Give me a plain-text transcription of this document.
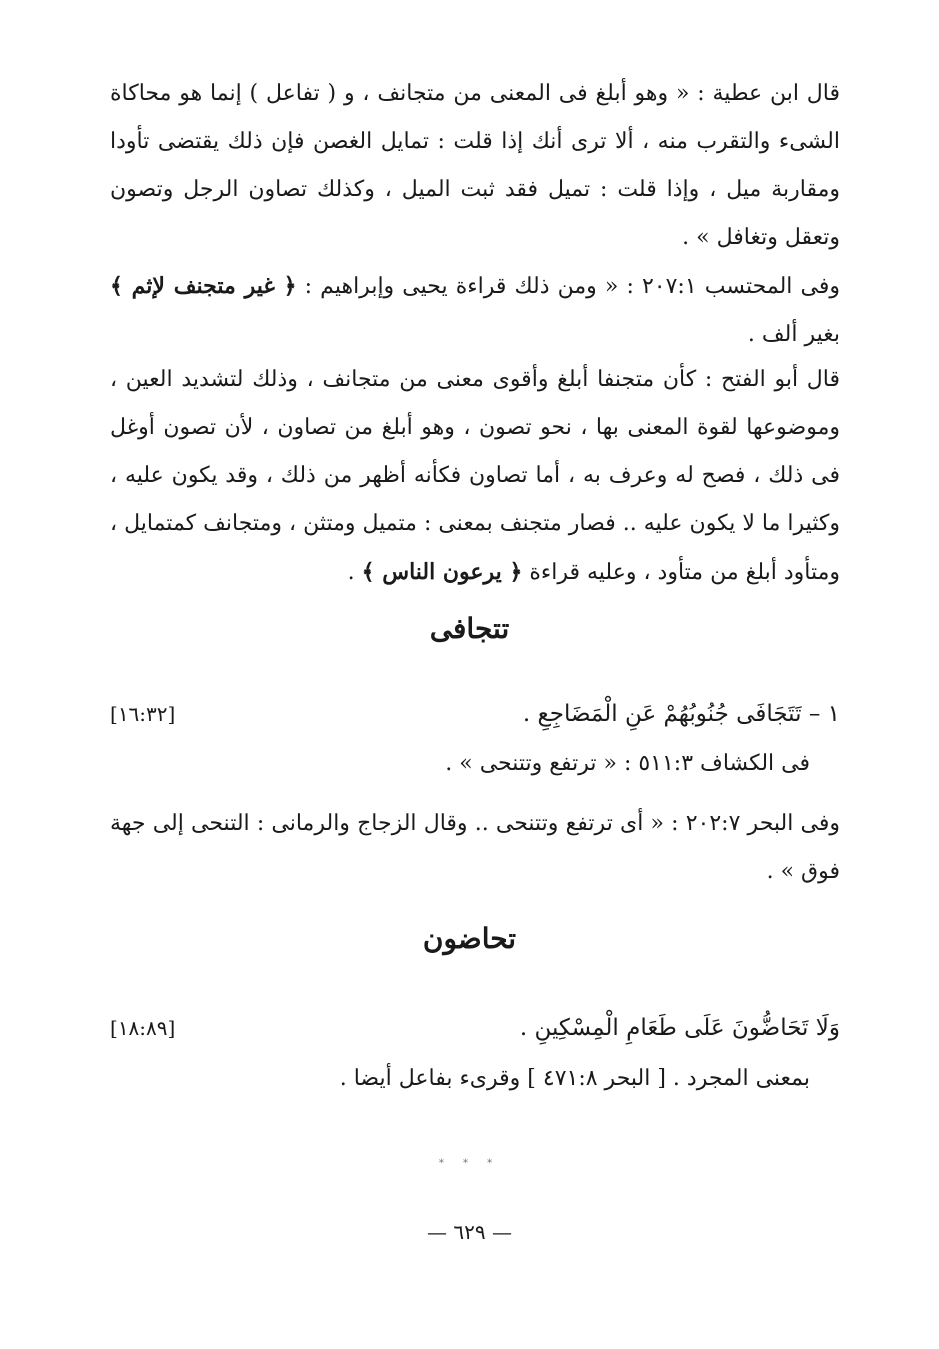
قال ابن عطية : « وهو أبلغ فى المعنى من متجانف ، و ( تفاعل ) إنما هو محاكاة الشىء والتقرب منه ، ألا ترى أنك إذا قلت : تمايل الغصن فإن ذلك يقتضى تأودا ومقاربة ميل ، وإذا قلت : تميل فقد ثبت الميل ، وكذلك تصاون الرجل وتصون وتعقل وتغافل » .
وفى المحتسب ٢٠٧:١ : « ومن ذلك قراءة يحيى وإبراهيم : ﴿ غير متجنف لإثم ﴾ بغير ألف .
قال أبو الفتح : كأن متجنفا أبلغ وأقوى معنى من متجانف ، وذلك لتشديد العين ، وموضوعها لقوة المعنى بها ، نحو تصون ، وهو أبلغ من تصاون ، لأن تصون أوغل فى ذلك ، فصح له وعرف به ، أما تصاون فكأنه أظهر من ذلك ، وقد يكون عليه ، وكثيرا ما لا يكون عليه .. فصار متجنف بمعنى : متميل ومتثن ، ومتجانف كمتمايل ، ومتأود أبلغ من متأود ، وعليه قراءة ﴿ يرعون الناس ﴾ .
تتجافى
١ – تَتَجَافَى جُنُوبُهُمْ عَنِ الْمَضَاجِعِ .
[١٦:٣٢]
فى الكشاف ٥١١:٣ : « ترتفع وتتنحى » .
وفى البحر ٢٠٢:٧ : « أى ترتفع وتتنحى .. وقال الزجاج والرمانى : التنحى إلى جهة فوق » .
تحاضون
وَلَا تَحَاضُّونَ عَلَى طَعَامِ الْمِسْكِينِ .
[١٨:٨٩]
بمعنى المجرد . [ البحر ٤٧١:٨ ] وقرىء بفاعل أيضا .
* * *
— ٦٢٩ —
